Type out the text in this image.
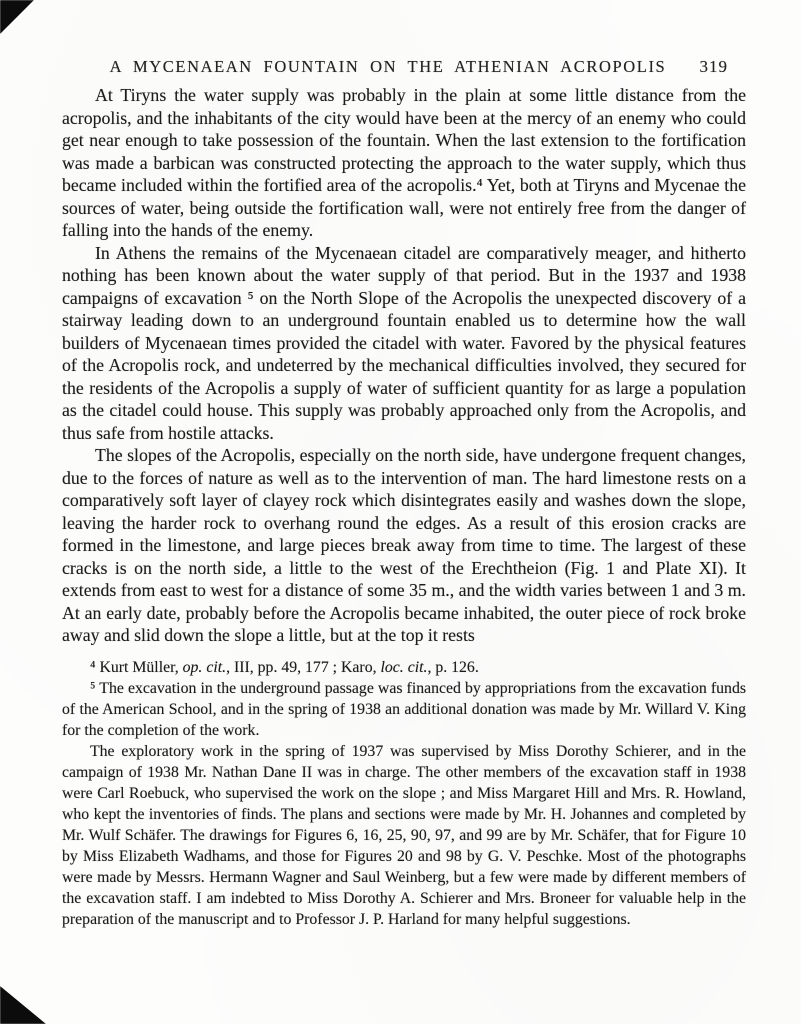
A MYCENAEAN FOUNTAIN ON THE ATHENIAN ACROPOLIS 319

At Tiryns the water supply was probably in the plain at some little distance from the acropolis, and the inhabitants of the city would have been at the mercy of an enemy who could get near enough to take possession of the fountain. When the last extension to the fortification was made a barbican was constructed protecting the approach to the water supply, which thus became included within the fortified area of the acropolis.⁴ Yet, both at Tiryns and Mycenae the sources of water, being outside the fortification wall, were not entirely free from the danger of falling into the hands of the enemy.

In Athens the remains of the Mycenaean citadel are comparatively meager, and hitherto nothing has been known about the water supply of that period. But in the 1937 and 1938 campaigns of excavation ⁵ on the North Slope of the Acropolis the unexpected discovery of a stairway leading down to an underground fountain enabled us to determine how the wall builders of Mycenaean times provided the citadel with water. Favored by the physical features of the Acropolis rock, and undeterred by the mechanical difficulties involved, they secured for the residents of the Acropolis a supply of water of sufficient quantity for as large a population as the citadel could house. This supply was probably approached only from the Acropolis, and thus safe from hostile attacks.

The slopes of the Acropolis, especially on the north side, have undergone frequent changes, due to the forces of nature as well as to the intervention of man. The hard limestone rests on a comparatively soft layer of clayey rock which disintegrates easily and washes down the slope, leaving the harder rock to overhang round the edges. As a result of this erosion cracks are formed in the limestone, and large pieces break away from time to time. The largest of these cracks is on the north side, a little to the west of the Erechtheion (Fig. 1 and Plate XI). It extends from east to west for a distance of some 35 m., and the width varies between 1 and 3 m. At an early date, probably before the Acropolis became inhabited, the outer piece of rock broke away and slid down the slope a little, but at the top it rests

⁴ Kurt Müller, op. cit., III, pp. 49, 177 ; Karo, loc. cit., p. 126.

⁵ The excavation in the underground passage was financed by appropriations from the excavation funds of the American School, and in the spring of 1938 an additional donation was made by Mr. Willard V. King for the completion of the work.

The exploratory work in the spring of 1937 was supervised by Miss Dorothy Schierer, and in the campaign of 1938 Mr. Nathan Dane II was in charge. The other members of the excavation staff in 1938 were Carl Roebuck, who supervised the work on the slope ; and Miss Margaret Hill and Mrs. R. Howland, who kept the inventories of finds. The plans and sections were made by Mr. H. Johannes and completed by Mr. Wulf Schäfer. The drawings for Figures 6, 16, 25, 90, 97, and 99 are by Mr. Schäfer, that for Figure 10 by Miss Elizabeth Wadhams, and those for Figures 20 and 98 by G. V. Peschke. Most of the photographs were made by Messrs. Hermann Wagner and Saul Weinberg, but a few were made by different members of the excavation staff. I am indebted to Miss Dorothy A. Schierer and Mrs. Broneer for valuable help in the preparation of the manuscript and to Professor J. P. Harland for many helpful suggestions.
